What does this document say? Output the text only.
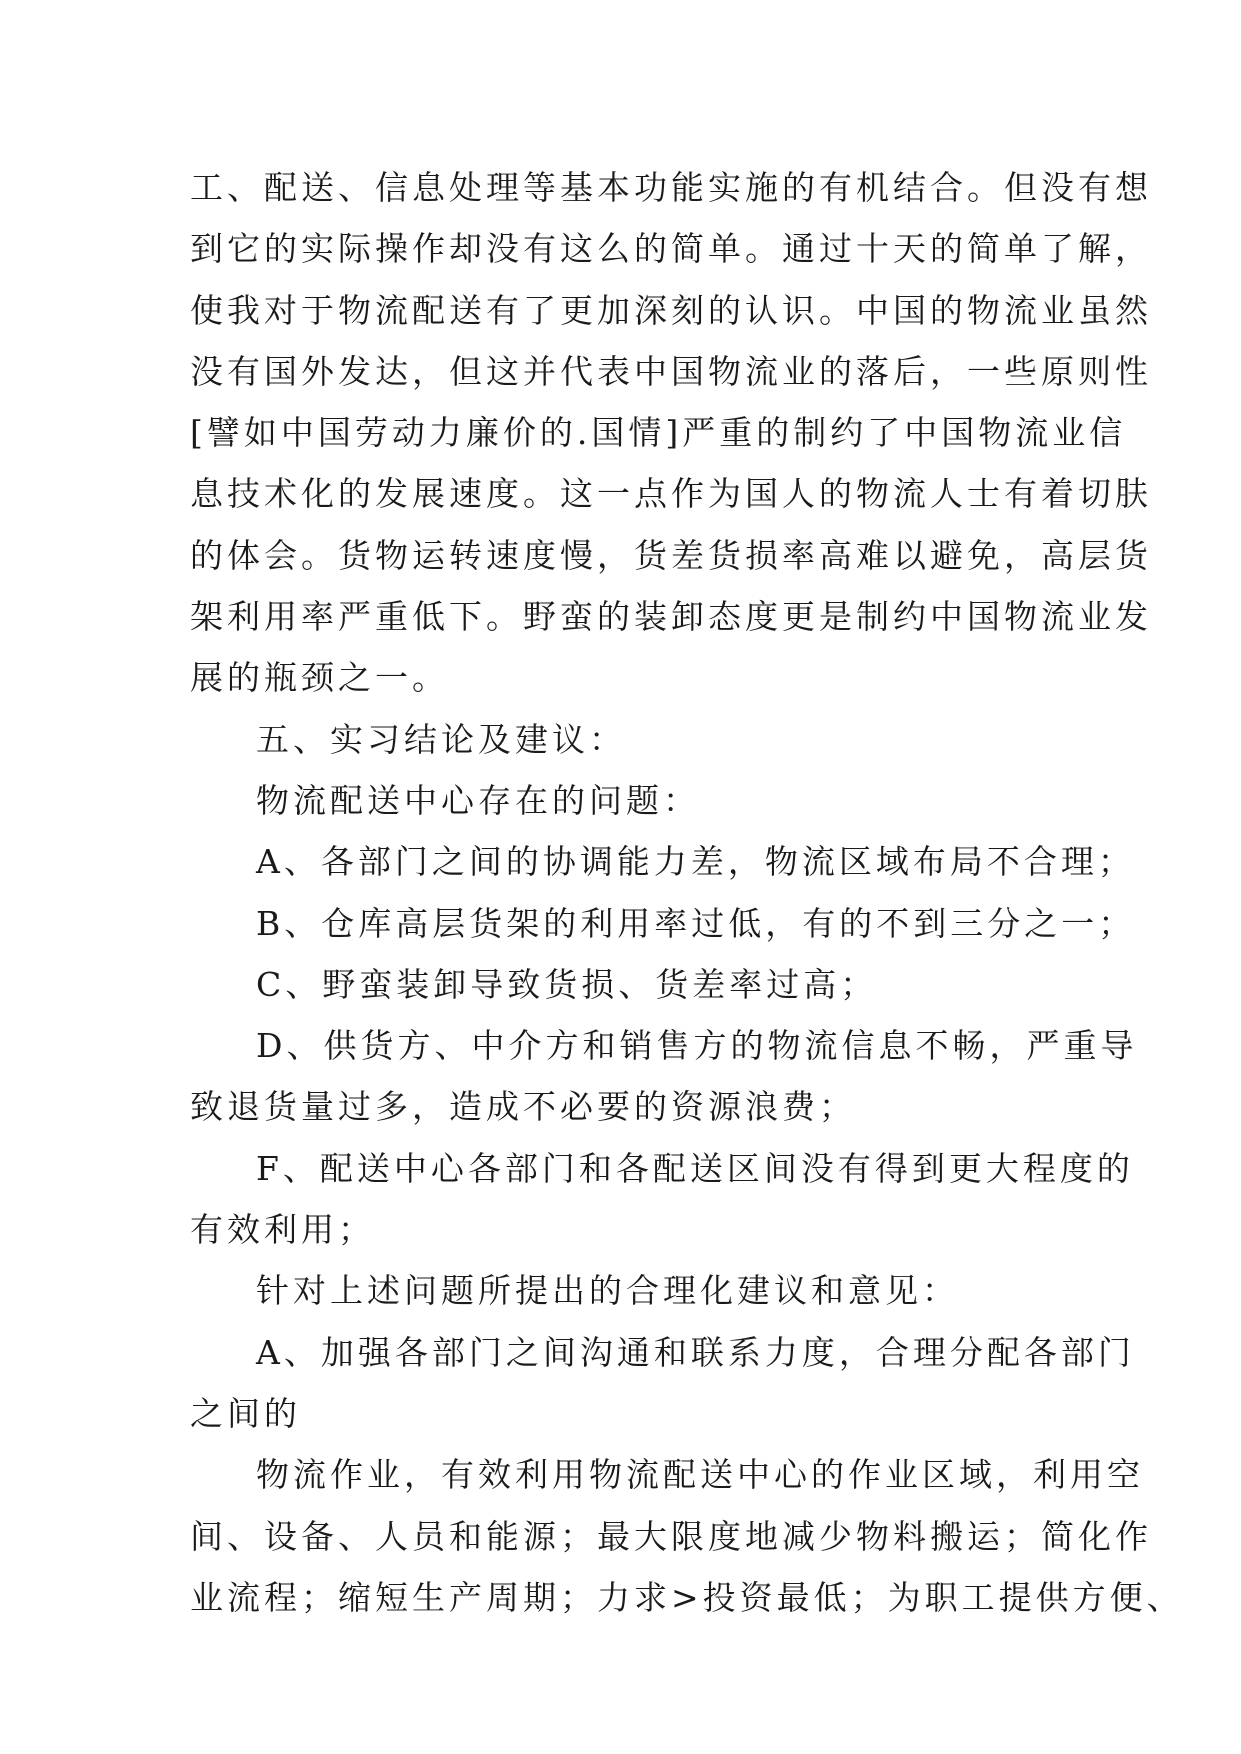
工、配送、信息处理等基本功能实施的有机结合。但没有想
到它的实际操作却没有这么的简单。通过十天的简单了解，
使我对于物流配送有了更加深刻的认识。中国的物流业虽然
没有国外发达，但这并代表中国物流业的落后，一些原则性
[譬如中国劳动力廉价的.国情]严重的制约了中国物流业信
息技术化的发展速度。这一点作为国人的物流人士有着切肤
的体会。货物运转速度慢，货差货损率高难以避免，高层货
架利用率严重低下。野蛮的装卸态度更是制约中国物流业发
展的瓶颈之一。
五、实习结论及建议：
物流配送中心存在的问题：
A、各部门之间的协调能力差，物流区域布局不合理；
B、仓库高层货架的利用率过低，有的不到三分之一；
C、野蛮装卸导致货损、货差率过高；
D、供货方、中介方和销售方的物流信息不畅，严重导
致退货量过多，造成不必要的资源浪费；
F、配送中心各部门和各配送区间没有得到更大程度的
有效利用；
针对上述问题所提出的合理化建议和意见：
A、加强各部门之间沟通和联系力度，合理分配各部门
之间的
物流作业，有效利用物流配送中心的作业区域，利用空
间、设备、人员和能源；最大限度地减少物料搬运；简化作
业流程；缩短生产周期；力求>投资最低；为职工提供方便、
